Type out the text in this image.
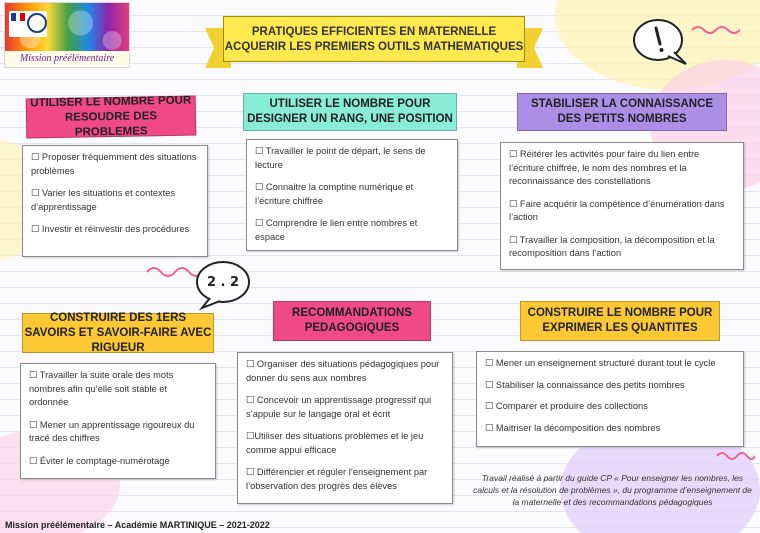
Mission préélémentaire
PRATIQUES EFFICIENTES EN MATERNELLE
ACQUERIR LES PREMIERS OUTILS MATHEMATIQUES
UTILISER LE NOMBRE POUR RESOUDRE DES PROBLEMES
☐ Proposer fréquemment des situations problèmes
☐ Varier les situations et contextes d’apprentissage
☐ Investir et réinvestir des procédures
UTILISER LE NOMBRE POUR DESIGNER UN RANG, UNE POSITION
☐ Travailler le point de départ, le sens de lecture
☐ Connaitre la comptine numérique et l’écriture chiffrée
☐ Comprendre le lien entre nombres et espace
STABILISER LA CONNAISSANCE DES PETITS NOMBRES
☐ Réitérer les activités pour faire du lien entre l’écriture chiffrée, le nom des nombres et la reconnaissance des constellations
☐ Faire acquérir la compétence d’énumération dans l’action
☐ Travailler la composition, la décomposition et la recomposition dans l’action
2 . 2
CONSTRUIRE DES 1ERS SAVOIRS ET SAVOIR-FAIRE AVEC RIGUEUR
☐ Travailler la suite orale des mots nombres afin qu’elle soit stable et ordonnée
☐ Mener un apprentissage rigoureux du tracé des chiffres
☐ Éviter le comptage-numérotage
RECOMMANDATIONS PEDAGOGIQUES
☐ Organiser des situations pédagogiques pour donner du sens aux nombres
☐ Concevoir un apprentissage progressif qui s’appuie sur le langage oral et écrit
☐Utiliser des situations problèmes et le jeu comme appui efficace
☐ Différencier et réguler l’enseignement par l’observation des progrès des élèves
CONSTRUIRE LE NOMBRE POUR EXPRIMER LES QUANTITES
☐ Mener un enseignement structuré durant tout le cycle
☐ Stabiliser la connaissance des petits nombres
☐ Comparer et produire des collections
☐ Maitriser la décomposition des nombres
Travail réalisé à partir du guide CP « Pour enseigner les nombres, les calculs et la résolution de problèmes », du programme d’enseignement de la maternelle et des recommandations pédagogiques
Mission préélémentaire – Académie MARTINIQUE – 2021-2022
